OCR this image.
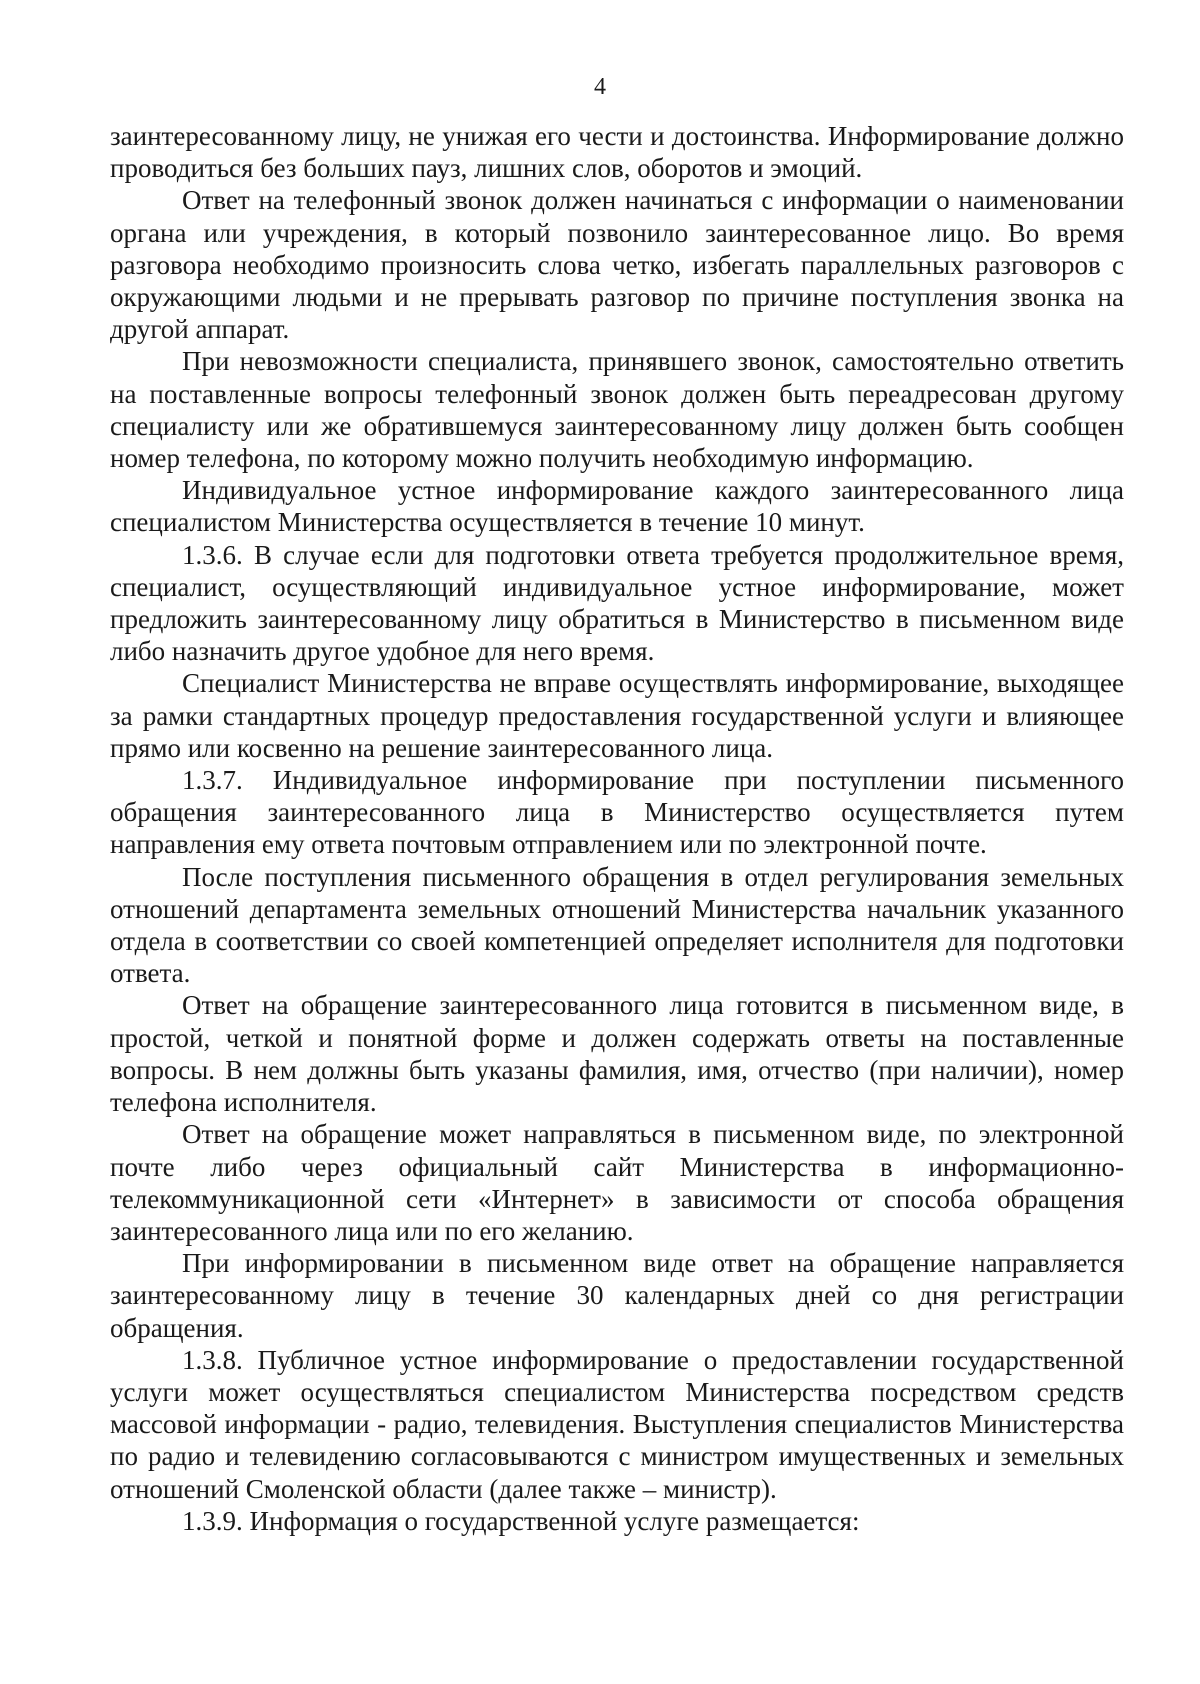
4

заинтересованному лицу, не унижая его чести и достоинства. Информирование должно проводиться без больших пауз, лишних слов, оборотов и эмоций.

Ответ на телефонный звонок должен начинаться с информации о наименовании органа или учреждения, в который позвонило заинтересованное лицо. Во время разговора необходимо произносить слова четко, избегать параллельных разговоров с окружающими людьми и не прерывать разговор по причине поступления звонка на другой аппарат.

При невозможности специалиста, принявшего звонок, самостоятельно ответить на поставленные вопросы телефонный звонок должен быть переадресован другому специалисту или же обратившемуся заинтересованному лицу должен быть сообщен номер телефона, по которому можно получить необходимую информацию.

Индивидуальное устное информирование каждого заинтересованного лица специалистом Министерства осуществляется в течение 10 минут.

1.3.6. В случае если для подготовки ответа требуется продолжительное время, специалист, осуществляющий индивидуальное устное информирование, может предложить заинтересованному лицу обратиться в Министерство в письменном виде либо назначить другое удобное для него время.

Специалист Министерства не вправе осуществлять информирование, выходящее за рамки стандартных процедур предоставления государственной услуги и влияющее прямо или косвенно на решение заинтересованного лица.

1.3.7. Индивидуальное информирование при поступлении письменного обращения заинтересованного лица в Министерство осуществляется путем направления ему ответа почтовым отправлением или по электронной почте.

После поступления письменного обращения в отдел регулирования земельных отношений департамента земельных отношений Министерства начальник указанного отдела в соответствии со своей компетенцией определяет исполнителя для подготовки ответа.

Ответ на обращение заинтересованного лица готовится в письменном виде, в простой, четкой и понятной форме и должен содержать ответы на поставленные вопросы. В нем должны быть указаны фамилия, имя, отчество (при наличии), номер телефона исполнителя.

Ответ на обращение может направляться в письменном виде, по электронной почте либо через официальный сайт Министерства в информационно-телекоммуникационной сети «Интернет» в зависимости от способа обращения заинтересованного лица или по его желанию.

При информировании в письменном виде ответ на обращение направляется заинтересованному лицу в течение 30 календарных дней со дня регистрации обращения.

1.3.8. Публичное устное информирование о предоставлении государственной услуги может осуществляться специалистом Министерства посредством средств массовой информации - радио, телевидения. Выступления специалистов Министерства по радио и телевидению согласовываются с министром имущественных и земельных отношений Смоленской области (далее также – министр).

1.3.9. Информация о государственной услуге размещается:
